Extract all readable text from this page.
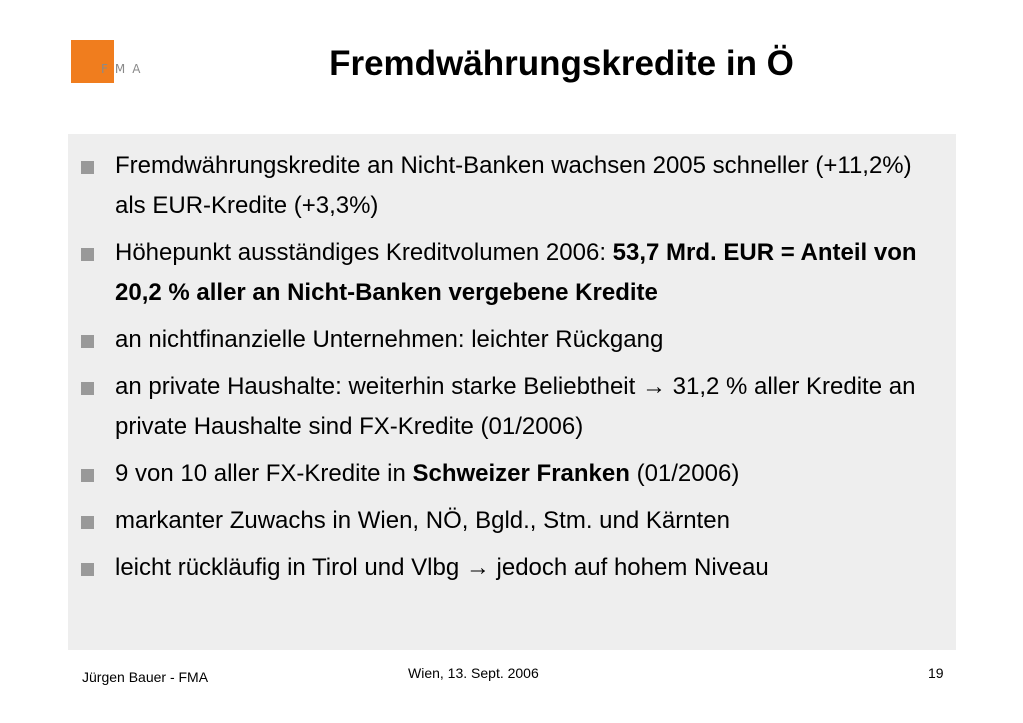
FMA	Fremdwährungskredite in Ö
Fremdwährungskredite an Nicht-Banken wachsen 2005 schneller (+11,2%) als EUR-Kredite (+3,3%)
Höhepunkt ausständiges Kreditvolumen 2006: 53,7 Mrd. EUR = Anteil von 20,2 % aller an Nicht-Banken vergebene Kredite
an nichtfinanzielle Unternehmen: leichter Rückgang
an private Haushalte: weiterhin starke Beliebtheit → 31,2 % aller Kredite an private Haushalte sind FX-Kredite (01/2006)
9 von 10 aller FX-Kredite in Schweizer Franken (01/2006)
markanter Zuwachs in Wien, NÖ, Bgld., Stm. und Kärnten
leicht rückläufig in Tirol und Vlbg → jedoch auf hohem Niveau
Jürgen Bauer - FMA	Wien, 13. Sept. 2006	19
